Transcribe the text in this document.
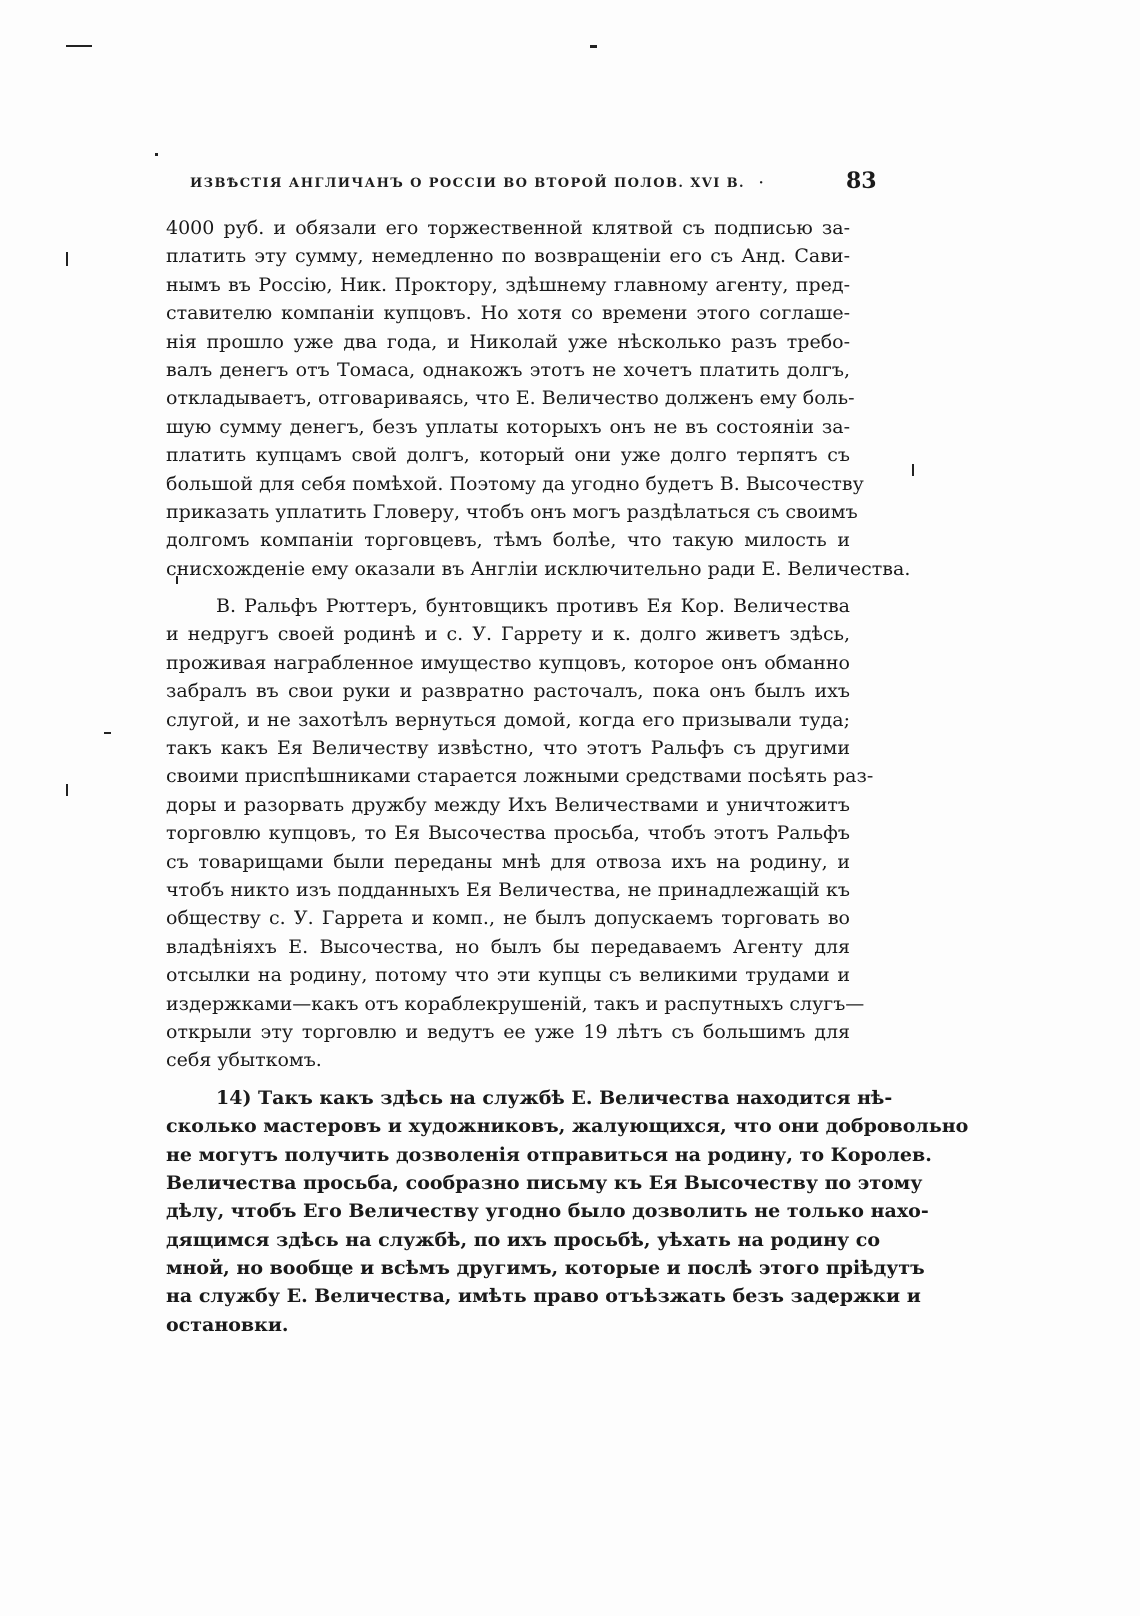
ИЗВѢСТІЯ АНГЛИЧАНЪ О РОССІИ ВО ВТОРОЙ ПОЛОВ. XVI В. ·	83
4000 руб. и обязали его торжественной клятвой съ подписью за-
платить эту сумму, немедленно по возвращеніи его съ Анд. Сави-
нымъ въ Россію, Ник. Проктору, здѣшнему главному агенту, пред-
ставителю компаніи купцовъ. Но хотя со времени этого соглаше-
нія прошло уже два года, и Николай уже нѣсколько разъ требо-
валъ денегъ отъ Томаса, однакожъ этотъ не хочетъ платить долгъ,
откладываетъ, отговариваясь, что Е. Величество долженъ ему боль-
шую сумму денегъ, безъ уплаты которыхъ онъ не въ состояніи за-
платить купцамъ свой долгъ, который они уже долго терпятъ съ
большой для себя помѣхой. Поэтому да угодно будетъ В. Высочеству
приказать уплатить Гловеру, чтобъ онъ могъ раздѣлаться съ своимъ
долгомъ компаніи торговцевъ, тѣмъ болѣе, что такую милость и
снисхожденіе ему оказали въ Англіи исключительно ради Е. Величества.
В. Ральфъ Рюттеръ, бунтовщикъ противъ Ея Кор. Величества
и недругъ своей родинѣ и с. У. Гаррету и к. долго живетъ здѣсь,
проживая награбленное имущество купцовъ, которое онъ обманно
забралъ въ свои руки и развратно расточалъ, пока онъ былъ ихъ
слугой, и не захотѣлъ вернуться домой, когда его призывали туда;
такъ какъ Ея Величеству извѣстно, что этотъ Ральфъ съ другими
своими приспѣшниками старается ложными средствами посѣять раз-
доры и разорвать дружбу между Ихъ Величествами и уничтожитъ
торговлю купцовъ, то Ея Высочества просьба, чтобъ этотъ Ральфъ
съ товарищами были переданы мнѣ для отвоза ихъ на родину, и
чтобъ никто изъ подданныхъ Ея Величества, не принадлежащій къ
обществу с. У. Гаррета и комп., не былъ допускаемъ торговать во
владѣніяхъ Е. Высочества, но былъ бы передаваемъ Агенту для
отсылки на родину, потому что эти купцы съ великими трудами и
издержками—какъ отъ кораблекрушеній, такъ и распутныхъ слугъ—
открыли эту торговлю и ведутъ ее уже 19 лѣтъ съ большимъ для
себя убыткомъ.
14) Такъ какъ здѣсь на службѣ Е. Величества находится нѣ-
сколько мастеровъ и художниковъ, жалующихся, что они добровольно
не могутъ получить дозволенія отправиться на родину, то Королев.
Величества просьба, сообразно письму къ Ея Высочеству по этому
дѣлу, чтобъ Его Величеству угодно было дозволить не только нахо-
дящимся здѣсь на службѣ, по ихъ просьбѣ, уѣхать на родину со
мной, но вообще и всѣмъ другимъ, которые и послѣ этого пріѣдутъ
на службу Е. Величества, имѣть право отъѣзжать безъ задержки и
остановки.
